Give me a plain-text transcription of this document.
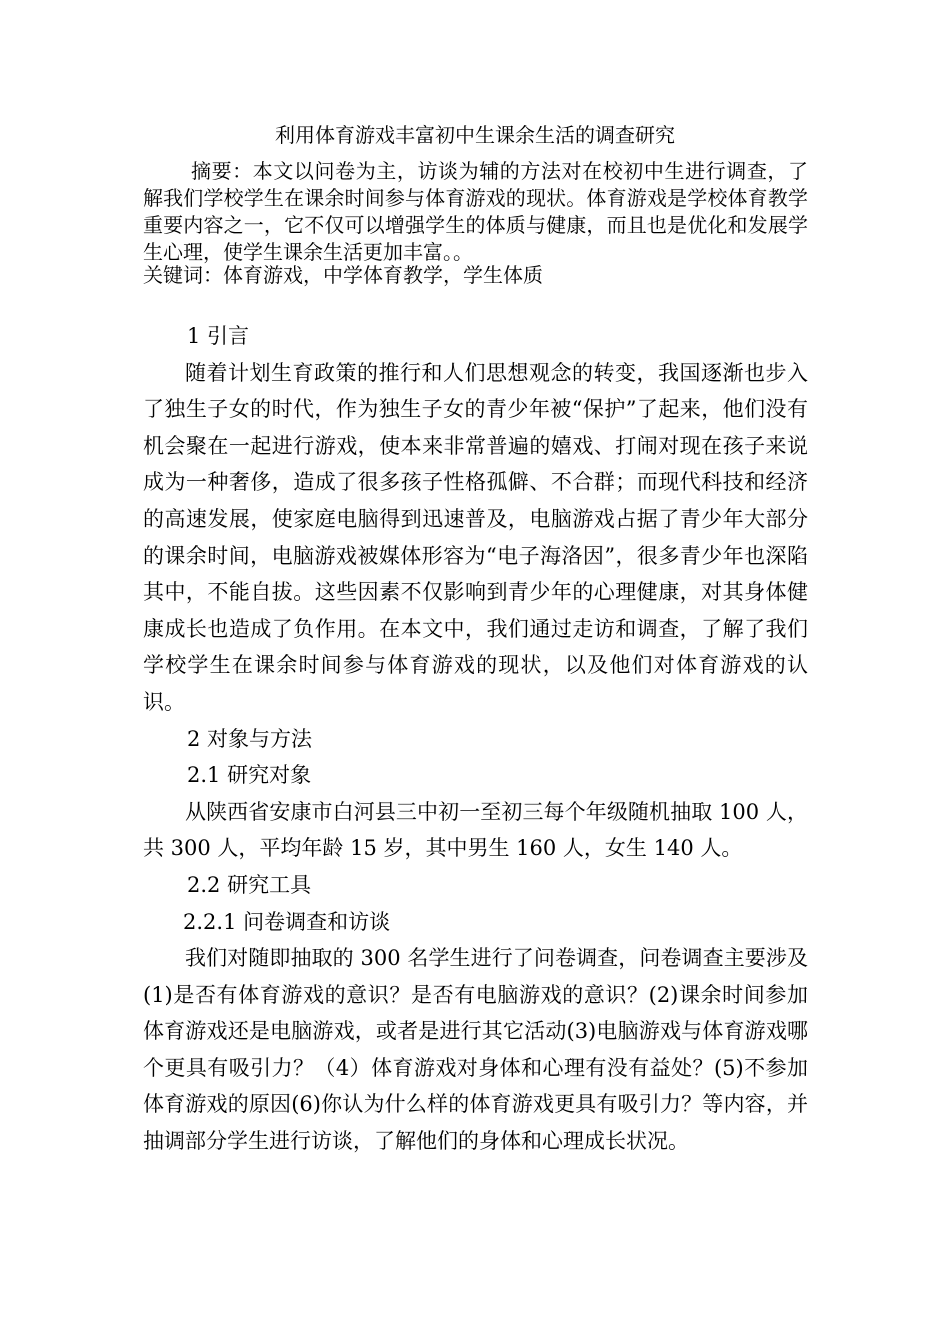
利用体育游戏丰富初中生课余生活的调查研究

摘要：本文以问卷为主，访谈为辅的方法对在校初中生进行调查，了解我们学校学生在课余时间参与体育游戏的现状。体育游戏是学校体育教学重要内容之一，它不仅可以增强学生的体质与健康，而且也是优化和发展学生心理，使学生课余生活更加丰富。。

关键词：体育游戏，中学体育教学，学生体质

1 引言

随着计划生育政策的推行和人们思想观念的转变，我国逐渐也步入了独生子女的时代，作为独生子女的青少年被“保护”了起来，他们没有机会聚在一起进行游戏，使本来非常普遍的嬉戏、打闹对现在孩子来说成为一种奢侈，造成了很多孩子性格孤僻、不合群；而现代科技和经济的高速发展，使家庭电脑得到迅速普及，电脑游戏占据了青少年大部分的课余时间，电脑游戏被媒体形容为“电子海洛因”，很多青少年也深陷其中，不能自拔。这些因素不仅影响到青少年的心理健康，对其身体健康成长也造成了负作用。在本文中，我们通过走访和调查，了解了我们学校学生在课余时间参与体育游戏的现状，以及他们对体育游戏的认识。

2 对象与方法

2.1 研究对象

从陕西省安康市白河县三中初一至初三每个年级随机抽取 100 人，共 300 人，平均年龄 15 岁，其中男生 160 人，女生 140 人。

2.2 研究工具

2.2.1 问卷调查和访谈

我们对随即抽取的 300 名学生进行了问卷调查，问卷调查主要涉及(1)是否有体育游戏的意识？是否有电脑游戏的意识？(2)课余时间参加体育游戏还是电脑游戏，或者是进行其它活动(3)电脑游戏与体育游戏哪个更具有吸引力？（4）体育游戏对身体和心理有没有益处？(5)不参加体育游戏的原因(6)你认为什么样的体育游戏更具有吸引力？等内容，并抽调部分学生进行访谈，了解他们的身体和心理成长状况。
